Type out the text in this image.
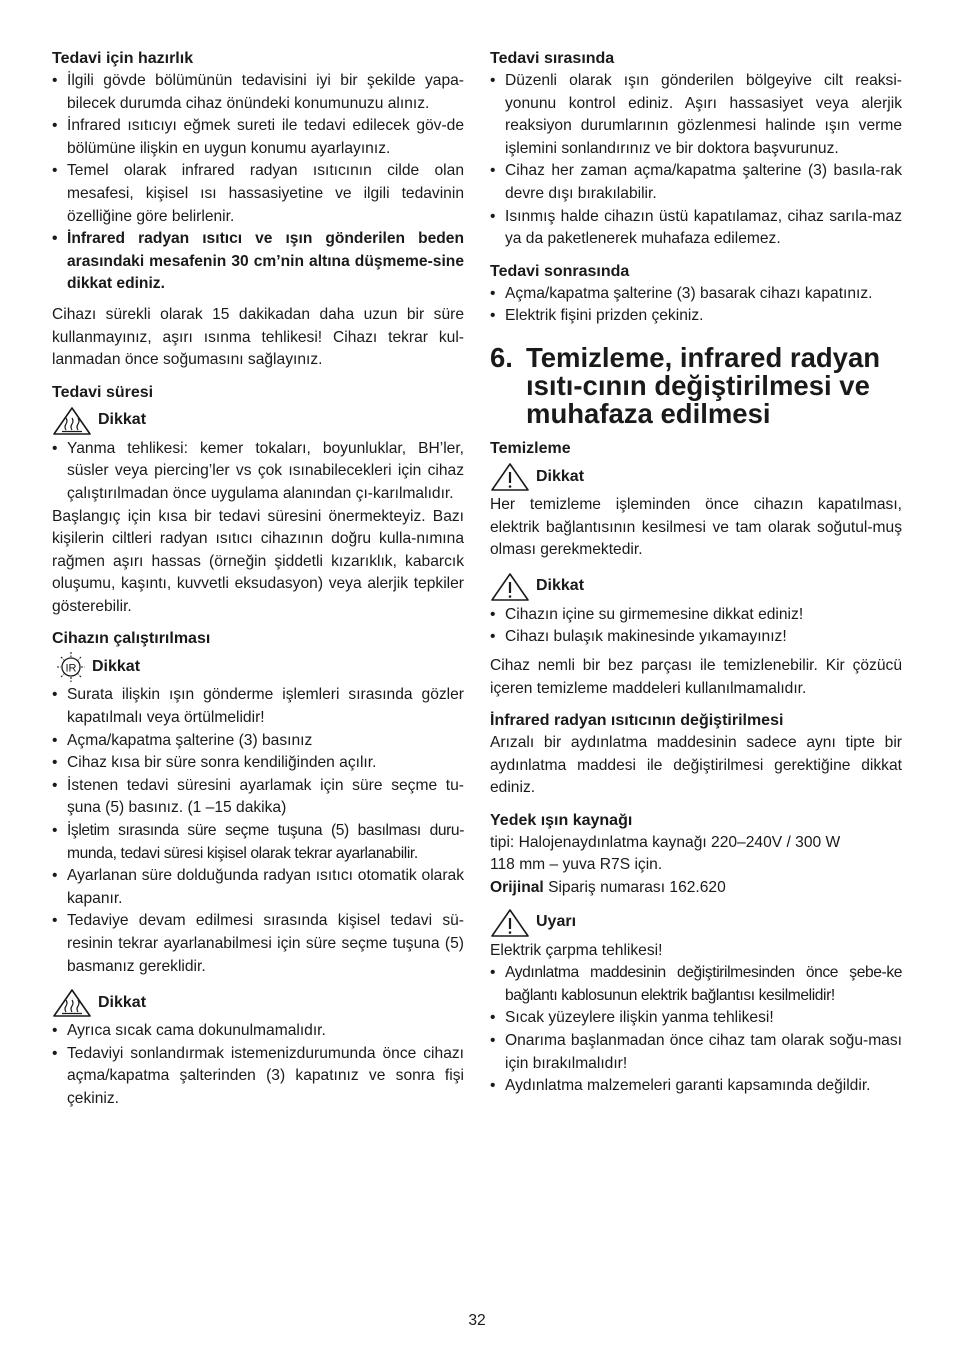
Tedavi için hazırlık
• İlgili gövde bölümünün tedavisini iyi bir şekilde yapa-bilecek durumda cihaz önündeki konumunuzu alınız.
• İnfrared ısıtıcıyı eğmek sureti ile tedavi edilecek göv-de bölümüne ilişkin en uygun konumu ayarlayınız.
• Temel olarak infrared radyan ısıtıcının cilde olan mesafesi, kişisel ısı hassasiyetine ve ilgili tedavinin özelliğine göre belirlenir.
• İnfrared radyan ısıtıcı ve ışın gönderilen beden arasındaki mesafenin 30 cm’nin altına düşmeme-sine dikkat ediniz.

Cihazı sürekli olarak 15 dakikadan daha uzun bir süre kullanmayınız, aşırı ısınma tehlikesi! Cihazı tekrar kul-lanmadan önce soğumasını sağlayınız.

Tedavi süresi
Dikkat
• Yanma tehlikesi: kemer tokaları, boyunluklar, BH’ler, süsler veya piercing’ler vs çok ısınabilecekleri için cihaz çalıştırılmadan önce uygulama alanından çı-karılmalıdır.

Başlangıç için kısa bir tedavi süresini önermekteyiz. Bazı kişilerin ciltleri radyan ısıtıcı cihazının doğru kulla-nımına rağmen aşırı hassas (örneğin şiddetli kızarıklık, kabarcık oluşumu, kaşıntı, kuvvetli eksudasyon) veya alerjik tepkiler gösterebilir.

Cihazın çalıştırılması
IR Dikkat
• Surata ilişkin ışın gönderme işlemleri sırasında gözler kapatılmalı veya örtülmelidir!
• Açma/kapatma şalterine (3) basınız
• Cihaz kısa bir süre sonra kendiliğinden açılır.
• İstenen tedavi süresini ayarlamak için süre seçme tu-şuna (5) basınız. (1 –15 dakika)
• İşletim sırasında süre seçme tuşuna (5) basılması duru-munda, tedavi süresi kişisel olarak tekrar ayarlanabilir.
• Ayarlanan süre dolduğunda radyan ısıtıcı otomatik olarak kapanır.
• Tedaviye devam edilmesi sırasında kişisel tedavi sü-resinin tekrar ayarlanabilmesi için süre seçme tuşuna (5) basmanız gereklidir.
Dikkat
• Ayrıca sıcak cama dokunulmamalıdır.
• Tedaviyi sonlandırmak istemenizdurumunda önce cihazı açma/kapatma şalterinden (3) kapatınız ve sonra fişi çekiniz.
Tedavi sırasında
• Düzenli olarak ışın gönderilen bölgeyive cilt reaksi-yonunu kontrol ediniz. Aşırı hassasiyet veya alerjik reaksiyon durumlarının gözlenmesi halinde ışın verme işlemini sonlandırınız ve bir doktora başvurunuz.
• Cihaz her zaman açma/kapatma şalterine (3) basıla-rak devre dışı bırakılabilir.
• Isınmış halde cihazın üstü kapatılamaz, cihaz sarıla-maz ya da paketlenerek muhafaza edilemez.
Tedavi sonrasında
• Açma/kapatma şalterine (3) basarak cihazı kapatınız.
• Elektrik fişini prizden çekiniz.
6. Temizleme, infrared radyan ısıtı-cının değiştirilmesi ve muhafaza edilmesi
Temizleme
Dikkat

Her temizleme işleminden önce cihazın kapatılması, elektrik bağlantısının kesilmesi ve tam olarak soğutul-muş olması gerekmektedir.

Dikkat
• Cihazın içine su girmemesine dikkat ediniz!
• Cihazı bulaşık makinesinde yıkamayınız!

Cihaz nemli bir bez parçası ile temizlenebilir. Kir çözücü içeren temizleme maddeleri kullanılmamalıdır.

İnfrared radyan ısıtıcının değiştirilmesi

Arızalı bir aydınlatma maddesinin sadece aynı tipte bir aydınlatma maddesi ile değiştirilmesi gerektiğine dikkat ediniz.

Yedek ışın kaynağı

tipi: Halojenaydınlatma kaynağı 220–240V / 300 W

118 mm – yuva R7S için.

Orijinal Sipariş numarası 162.620

Uyarı

Elektrik çarpma tehlikesi!

• Aydınlatma maddesinin değiştirilmesinden önce şebe-ke bağlantı kablosunun elektrik bağlantısı kesilmelidir!
• Sıcak yüzeylere ilişkin yanma tehlikesi!
• Onarıma başlanmadan önce cihaz tam olarak soğu-ması için bırakılmalıdır!
• Aydınlatma malzemeleri garanti kapsamında değildir.
32
